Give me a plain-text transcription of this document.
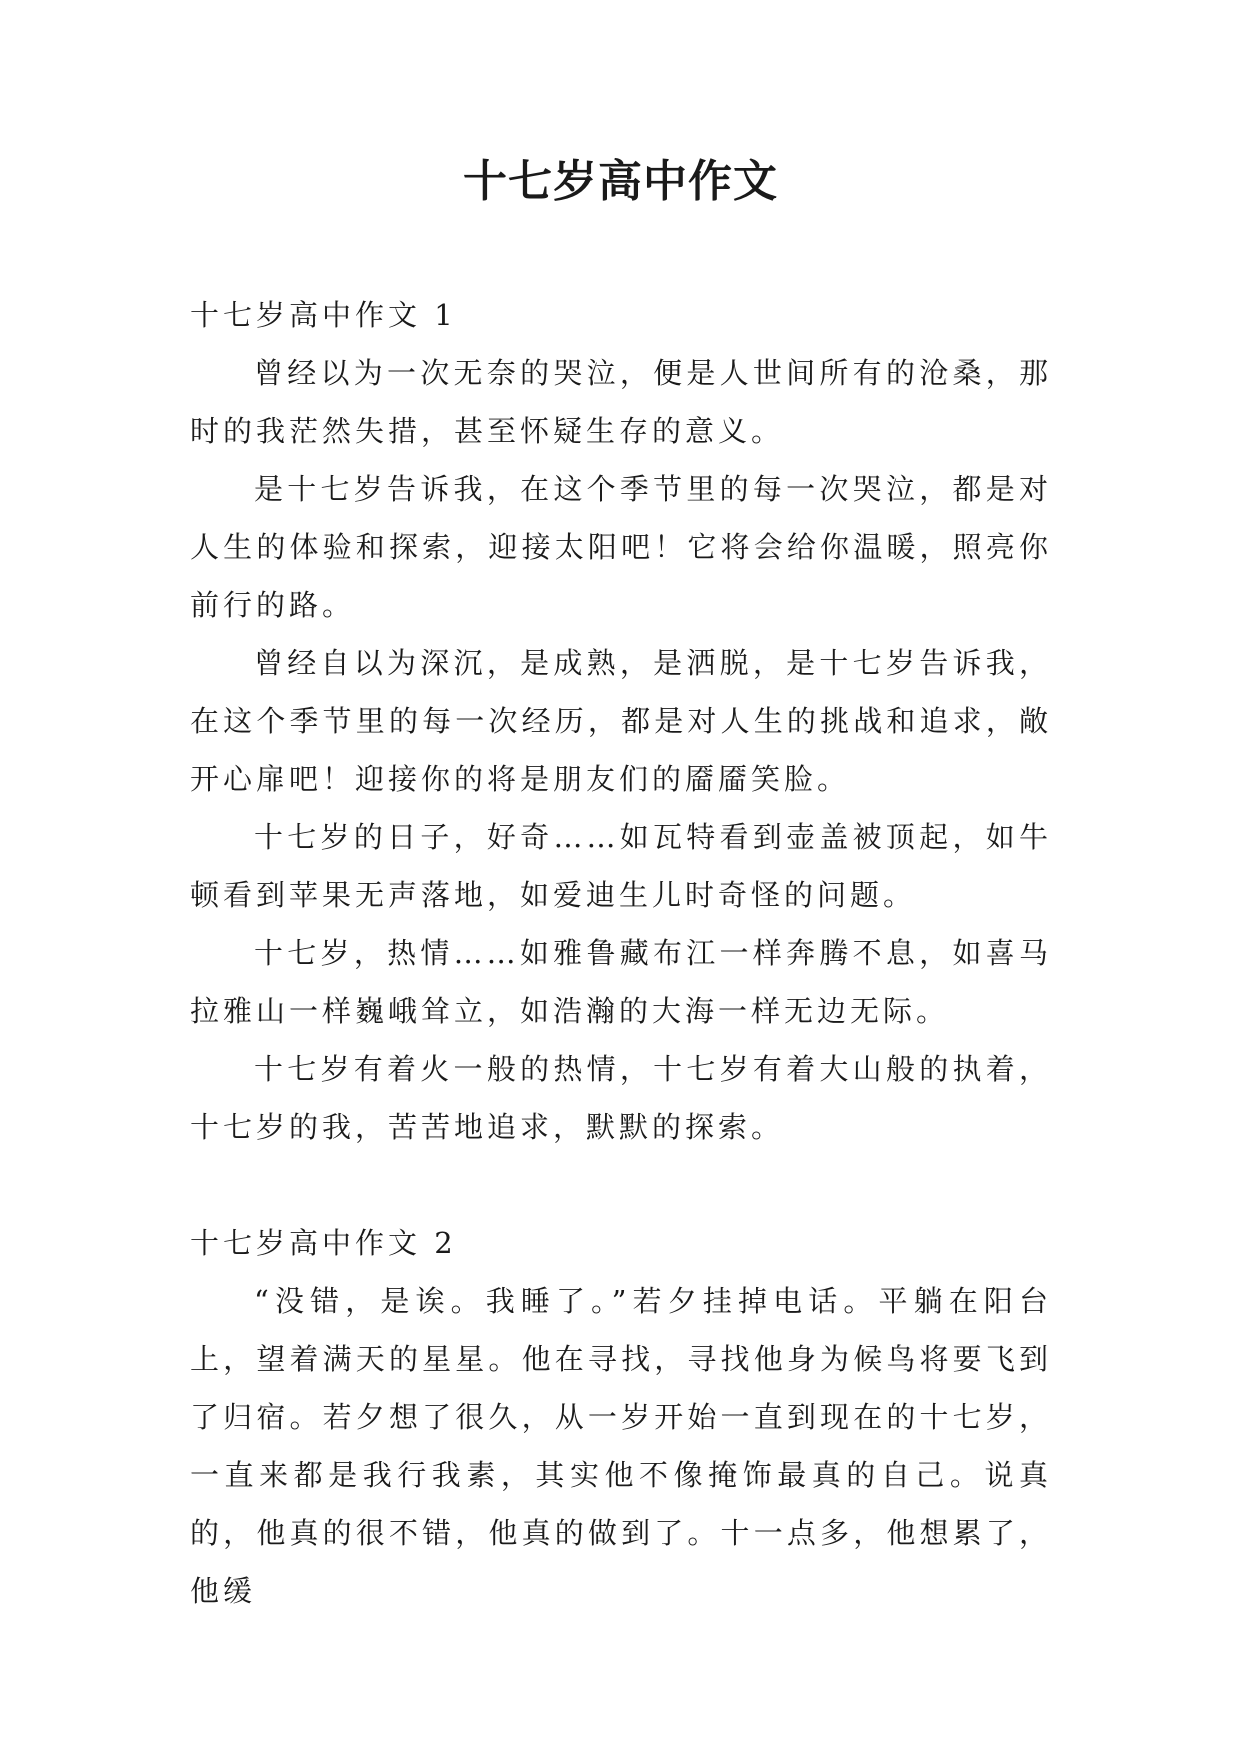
十七岁高中作文
十七岁高中作文 1

曾经以为一次无奈的哭泣，便是人世间所有的沧桑，那时的我茫然失措，甚至怀疑生存的意义。

是十七岁告诉我，在这个季节里的每一次哭泣，都是对人生的体验和探索，迎接太阳吧！它将会给你温暖，照亮你前行的路。

曾经自以为深沉，是成熟，是洒脱，是十七岁告诉我，在这个季节里的每一次经历，都是对人生的挑战和追求，敞开心扉吧！迎接你的将是朋友们的靥靥笑脸。

十七岁的日子，好奇……如瓦特看到壶盖被顶起，如牛顿看到苹果无声落地，如爱迪生儿时奇怪的问题。

十七岁，热情……如雅鲁藏布江一样奔腾不息，如喜马拉雅山一样巍峨耸立，如浩瀚的大海一样无边无际。

十七岁有着火一般的热情，十七岁有着大山般的执着，十七岁的我，苦苦地追求，默默的探索。

十七岁高中作文 2

“没错，是诶。我睡了。”若夕挂掉电话。平躺在阳台上，望着满天的星星。他在寻找，寻找他身为候鸟将要飞到了归宿。若夕想了很久，从一岁开始一直到现在的十七岁，一直来都是我行我素，其实他不像掩饰最真的自己。说真的，他真的很不错，他真的做到了。十一点多，他想累了，他缓
